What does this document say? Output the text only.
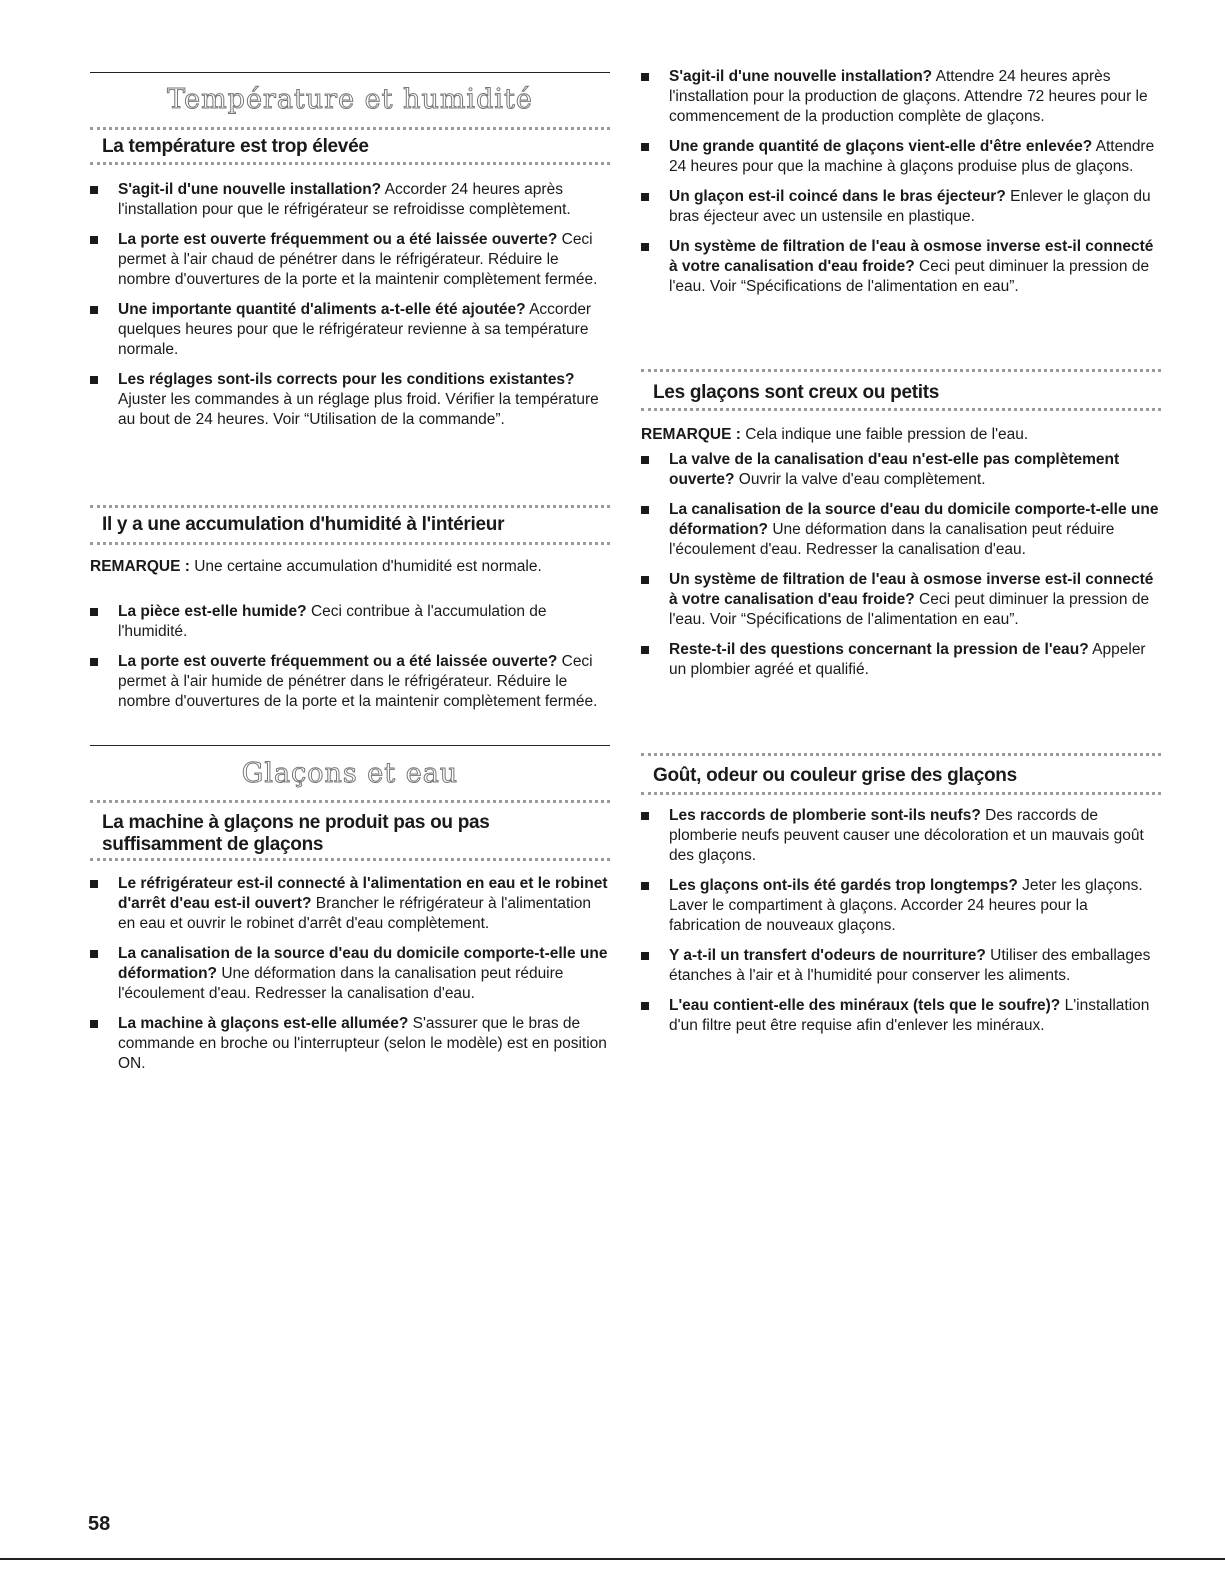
Température et humidité
La température est trop élevée
S'agit-il d'une nouvelle installation? Accorder 24 heures après l'installation pour que le réfrigérateur se refroidisse complètement.
La porte est ouverte fréquemment ou a été laissée ouverte? Ceci permet à l'air chaud de pénétrer dans le réfrigérateur. Réduire le nombre d'ouvertures de la porte et la maintenir complètement fermée.
Une importante quantité d'aliments a-t-elle été ajoutée? Accorder quelques heures pour que le réfrigérateur revienne à sa température normale.
Les réglages sont-ils corrects pour les conditions existantes? Ajuster les commandes à un réglage plus froid. Vérifier la température au bout de 24 heures. Voir “Utilisation de la commande”.
Il y a une accumulation d'humidité à l'intérieur

REMARQUE : Une certaine accumulation d'humidité est normale.

La pièce est-elle humide? Ceci contribue à l'accumulation de l'humidité.
La porte est ouverte fréquemment ou a été laissée ouverte? Ceci permet à l'air humide de pénétrer dans le réfrigérateur. Réduire le nombre d'ouvertures de la porte et la maintenir complètement fermée.
Glaçons et eau
La machine à glaçons ne produit pas ou pas
suffisamment de glaçons
Le réfrigérateur est-il connecté à l'alimentation en eau et le robinet d'arrêt d'eau est-il ouvert? Brancher le réfrigérateur à l'alimentation en eau et ouvrir le robinet d'arrêt d'eau complètement.
La canalisation de la source d'eau du domicile comporte-t-elle une déformation? Une déformation dans la canalisation peut réduire l'écoulement d'eau. Redresser la canalisation d'eau.
La machine à glaçons est-elle allumée? S'assurer que le bras de commande en broche ou l'interrupteur (selon le modèle) est en position ON.
S'agit-il d'une nouvelle installation? Attendre 24 heures après l'installation pour la production de glaçons. Attendre 72 heures pour le commencement de la production complète de glaçons.
Une grande quantité de glaçons vient-elle d'être enlevée? Attendre 24 heures pour que la machine à glaçons produise plus de glaçons.
Un glaçon est-il coincé dans le bras éjecteur? Enlever le glaçon du bras éjecteur avec un ustensile en plastique.
Un système de filtration de l'eau à osmose inverse est-il connecté à votre canalisation d'eau froide? Ceci peut diminuer la pression de l'eau. Voir “Spécifications de l'alimentation en eau”.
Les glaçons sont creux ou petits

REMARQUE : Cela indique une faible pression de l'eau.

La valve de la canalisation d'eau n'est-elle pas complètement ouverte? Ouvrir la valve d'eau complètement.
La canalisation de la source d'eau du domicile comporte-t-elle une déformation? Une déformation dans la canalisation peut réduire l'écoulement d'eau. Redresser la canalisation d'eau.
Un système de filtration de l'eau à osmose inverse est-il connecté à votre canalisation d'eau froide? Ceci peut diminuer la pression de l'eau. Voir “Spécifications de l'alimentation en eau”.
Reste-t-il des questions concernant la pression de l'eau? Appeler un plombier agréé et qualifié.
Goût, odeur ou couleur grise des glaçons
Les raccords de plomberie sont-ils neufs? Des raccords de plomberie neufs peuvent causer une décoloration et un mauvais goût des glaçons.
Les glaçons ont-ils été gardés trop longtemps? Jeter les glaçons. Laver le compartiment à glaçons. Accorder 24 heures pour la fabrication de nouveaux glaçons.
Y a-t-il un transfert d'odeurs de nourriture? Utiliser des emballages étanches à l'air et à l'humidité pour conserver les aliments.
L'eau contient-elle des minéraux (tels que le soufre)? L'installation d'un filtre peut être requise afin d'enlever les minéraux.
58
